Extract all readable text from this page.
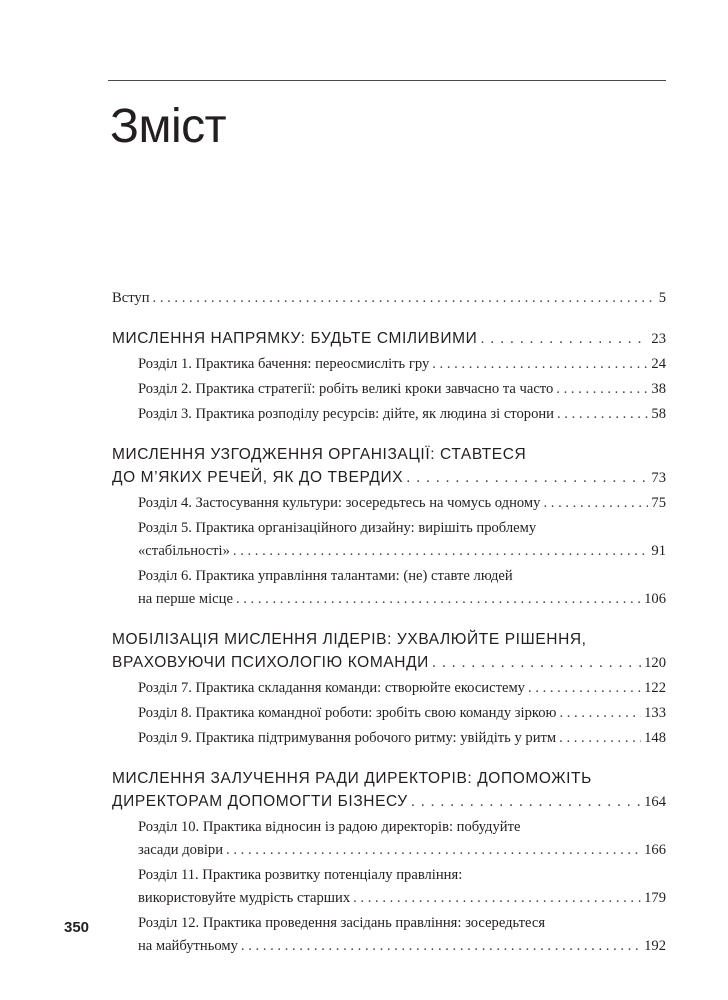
Зміст
Вступ . . .	5
МИСЛЕННЯ НАПРЯМКУ: БУДЬТЕ СМІЛИВИМИ . . .	23
Розділ 1. Практика бачення: переосмисліть гру . . .	24
Розділ 2. Практика стратегії: робіть великі кроки завчасно та часто . . .	38
Розділ 3. Практика розподілу ресурсів: дійте, як людина зі сторони . . .	58
МИСЛЕННЯ УЗГОДЖЕННЯ ОРГАНІЗАЦІЇ: СТАВТЕСЯ
ДО М’ЯКИХ РЕЧЕЙ, ЯК ДО ТВЕРДИХ . . .	73
Розділ 4. Застосування культури: зосередьтесь на чомусь одному . . .	75
Розділ 5. Практика організаційного дизайну: вирішіть проблему
«стабільності» . . .	91
Розділ 6. Практика управління талантами: (не) ставте людей
на перше місце . . .	106
МОБІЛІЗАЦІЯ МИСЛЕННЯ ЛІДЕРІВ: УХВАЛЮЙТЕ РІШЕННЯ,
ВРАХОВУЮЧИ ПСИХОЛОГІЮ КОМАНДИ . . .	120
Розділ 7. Практика складання команди: створюйте екосистему . . .	122
Розділ 8. Практика командної роботи: зробіть свою команду зіркою . . .	133
Розділ 9. Практика підтримування робочого ритму: увійдіть у ритм . . .	148
МИСЛЕННЯ ЗАЛУЧЕННЯ РАДИ ДИРЕКТОРІВ: ДОПОМОЖІТЬ
ДИРЕКТОРАМ ДОПОМОГТИ БІЗНЕСУ . . .	164
Розділ 10. Практика відносин із радою директорів: побудуйте
засади довіри . . .	166
Розділ 11. Практика розвитку потенціалу правління:
використовуйте мудрість старших . . .	179
Розділ 12. Практика проведення засідань правління: зосередьтеся
на майбутньому . . .	192
350
